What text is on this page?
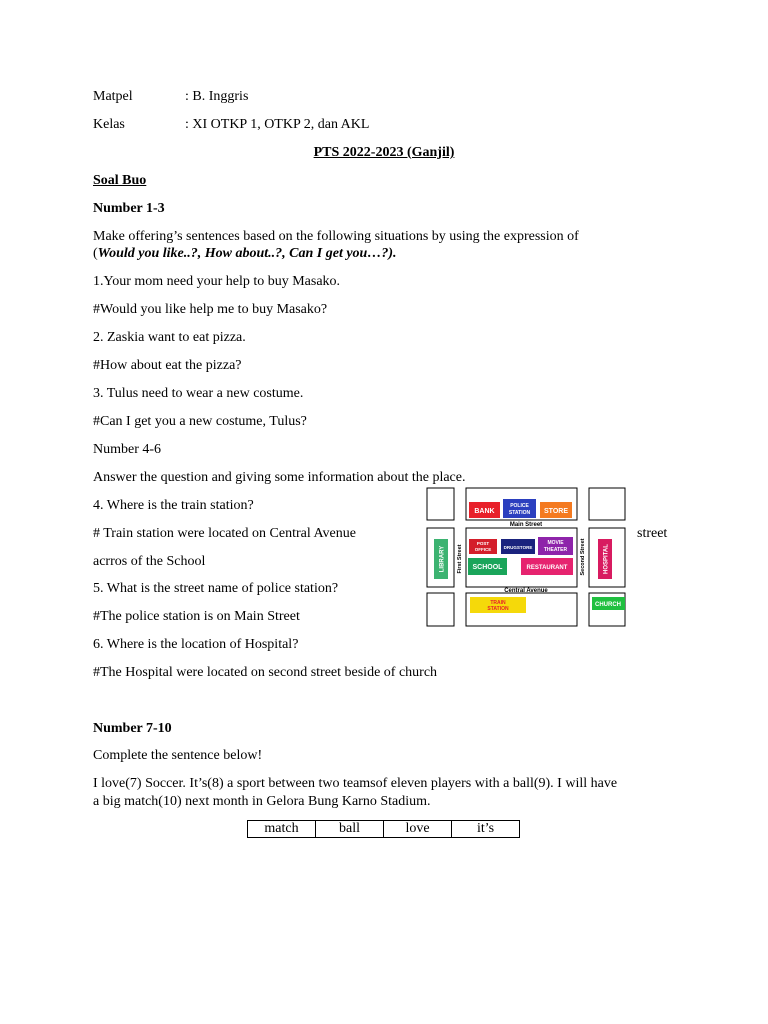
Matpel	: B. Inggris
Kelas	: XI OTKP 1, OTKP 2, dan AKL
PTS 2022-2023 (Ganjil)
Soal Buo
Number 1-3
Make offering’s sentences based on the following situations by using the expression of
(Would you like..?, How about..?, Can I get you…?).
1.Your mom need your help to buy Masako.
#Would you like help me to buy Masako?
2. Zaskia want to eat pizza.
#How about eat the pizza?
3. Tulus need to wear a new costume.
#Can I get you a new costume, Tulus?
Number 4-6
Answer the question and giving some information about the place.
4. Where is the train station?
# Train station were located on Central Avenue	street
acrros of the School
5. What is the street name of police station?
#The police station is on Main Street
6. Where is the location of Hospital?
#The Hospital were located on second street beside of church
BANK
POLICE
STATION STORE
Main Street
POST
OFFICE	DRUGSTORE
MOVIE
THEATER
SCHOOL	RESTAURANT
LIBRARY First Street	Second Street	HOSPITAL
Central Avenue
TRAIN
STATION
CHURCH
Number 7-10
Complete the sentence below!
I love(7) Soccer. It’s(8) a sport between two teamsof eleven players with a ball(9). I will have
a big match(10) next month in Gelora Bung Karno Stadium.
match	ball	love	it’s
